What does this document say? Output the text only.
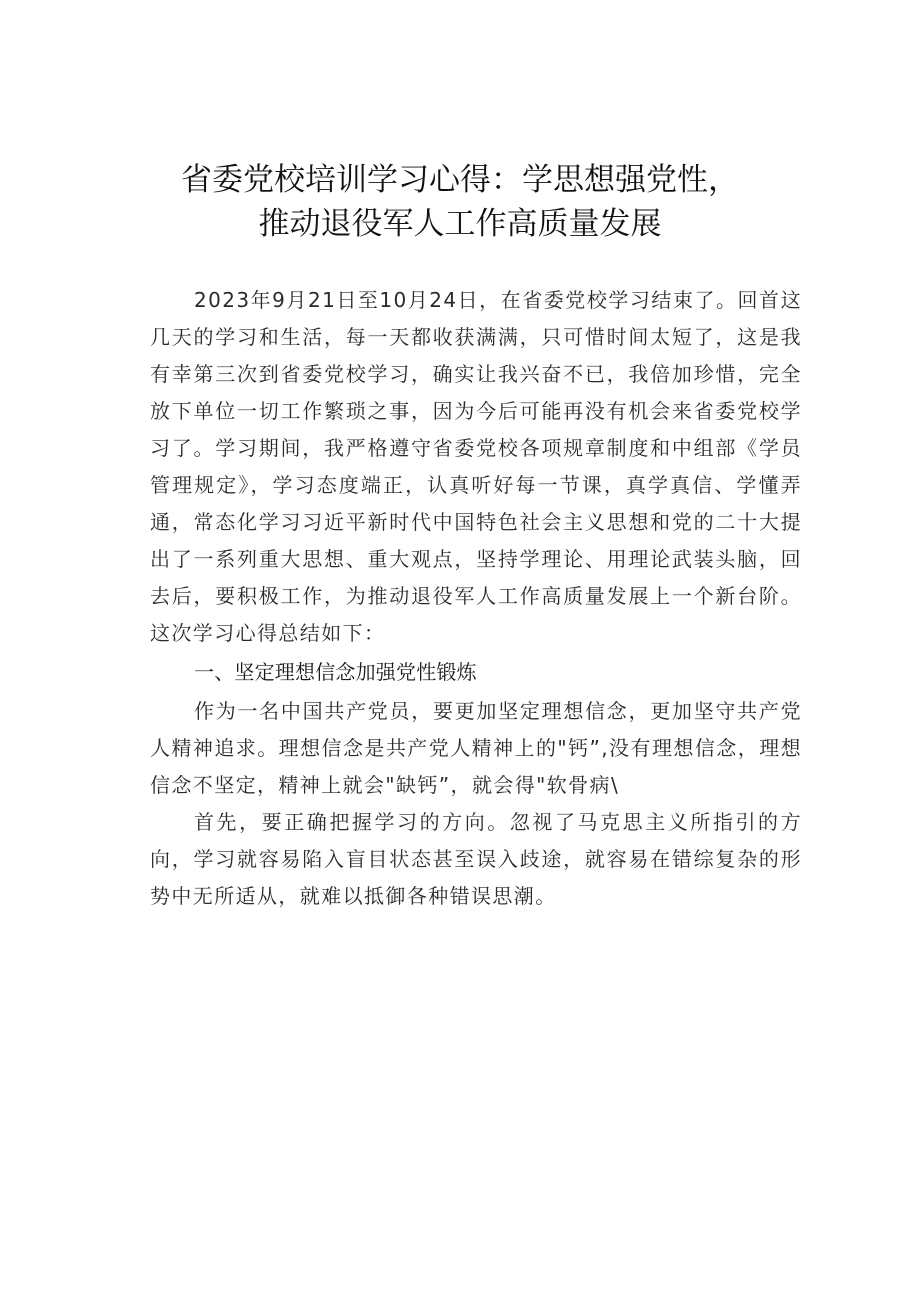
省委党校培训学习心得：学思想强党性，
推动退役军人工作高质量发展

2023年9月21日至10月24日，在省委党校学习结束了。回首这几天的学习和生活，每一天都收获满满，只可惜时间太短了，这是我有幸第三次到省委党校学习，确实让我兴奋不已，我倍加珍惜，完全放下单位一切工作繁琐之事，因为今后可能再没有机会来省委党校学习了。学习期间，我严格遵守省委党校各项规章制度和中组部《学员管理规定》，学习态度端正，认真听好每一节课，真学真信、学懂弄通，常态化学习习近平新时代中国特色社会主义思想和党的二十大提出了一系列重大思想、重大观点，坚持学理论、用理论武装头脑，回去后，要积极工作，为推动退役军人工作高质量发展上一个新台阶。这次学习心得总结如下：

一、坚定理想信念加强党性锻炼

作为一名中国共产党员，要更加坚定理想信念，更加坚守共产党人精神追求。理想信念是共产党人精神上的"钙”,没有理想信念，理想信念不坚定，精神上就会"缺钙”，就会得"软骨病\

首先，要正确把握学习的方向。忽视了马克思主义所指引的方向，学习就容易陷入盲目状态甚至误入歧途，就容易在错综复杂的形势中无所适从，就难以抵御各种错误思潮。
